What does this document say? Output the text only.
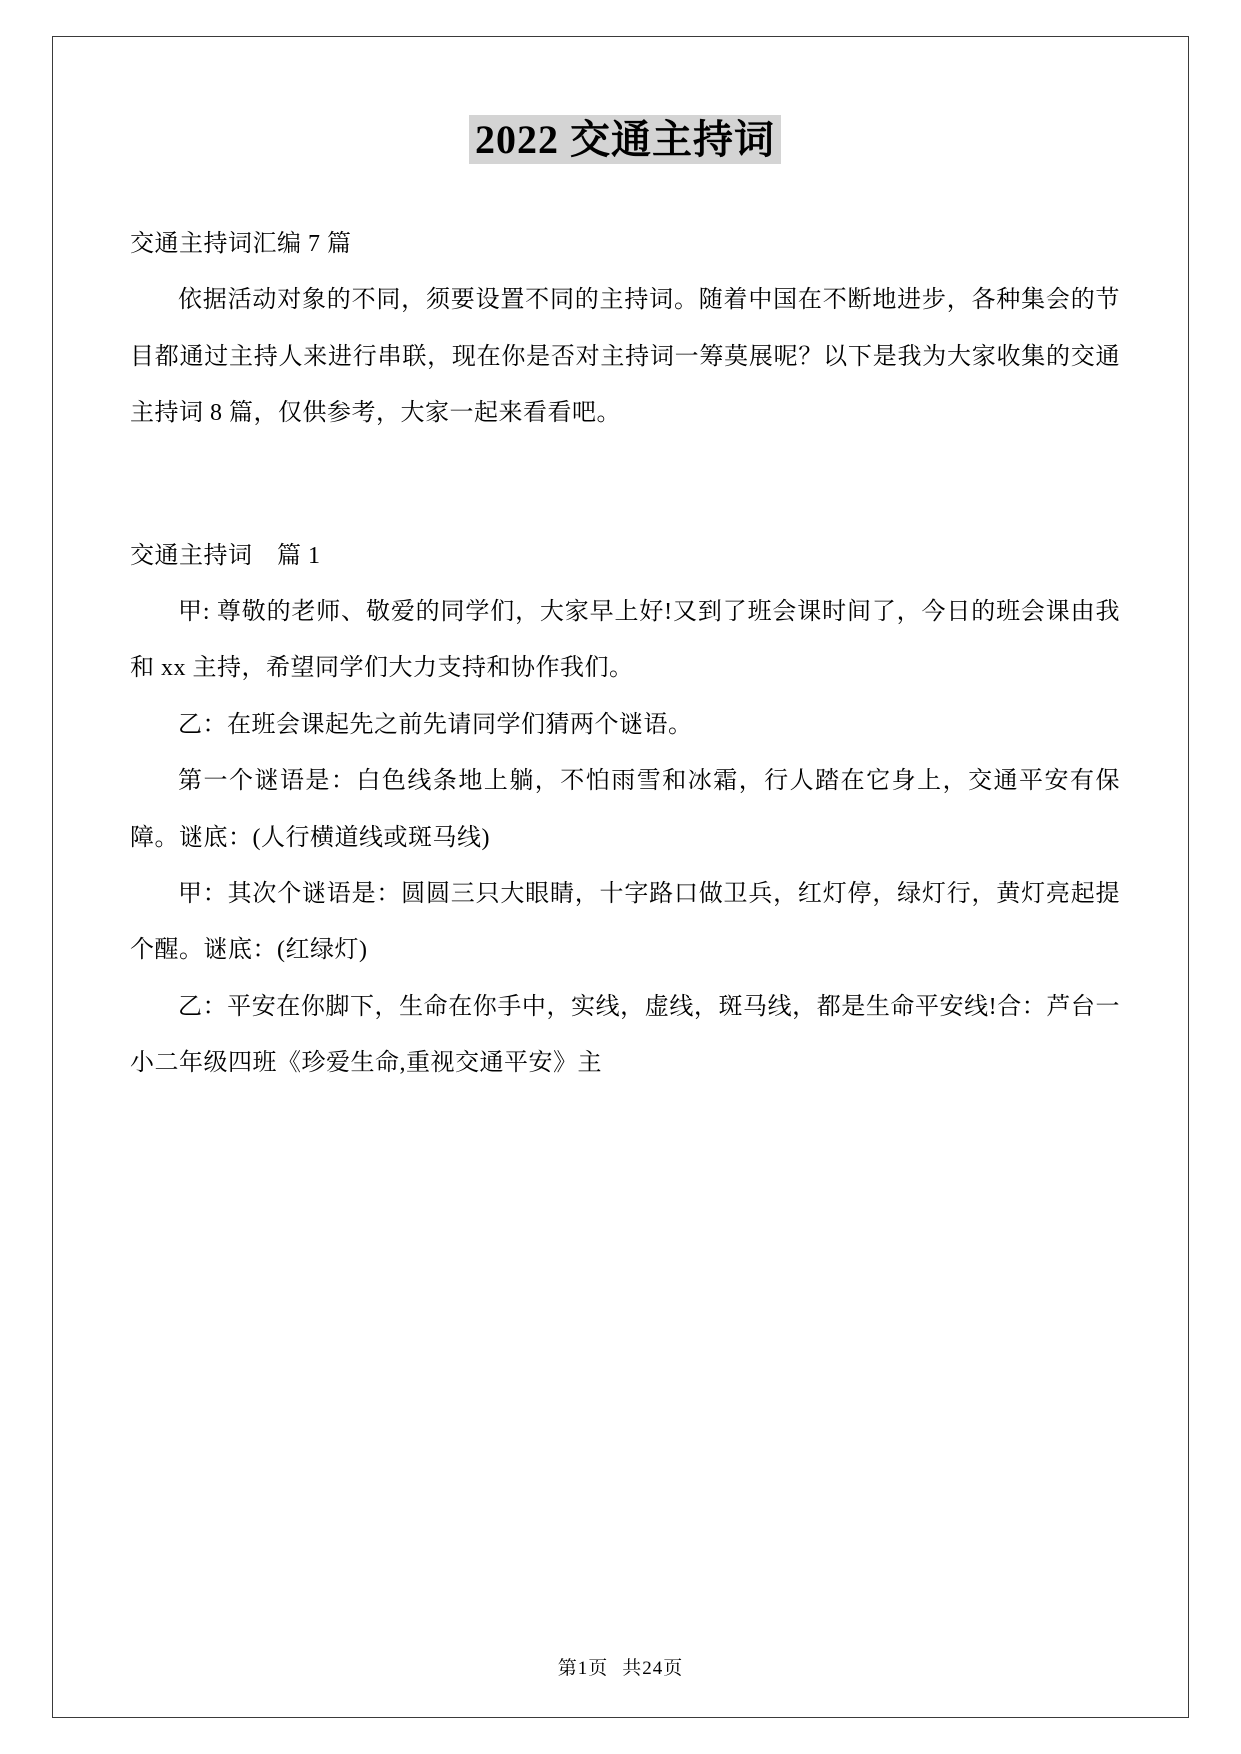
2022 交通主持词

交通主持词汇编 7 篇

依据活动对象的不同，须要设置不同的主持词。随着中国在不断地进步，各种集会的节目都通过主持人来进行串联，现在你是否对主持词一筹莫展呢？以下是我为大家收集的交通主持词 8 篇，仅供参考，大家一起来看看吧。

交通主持词　篇 1

甲: 尊敬的老师、敬爱的同学们，大家早上好!又到了班会课时间了，今日的班会课由我和 xx 主持，希望同学们大力支持和协作我们。

乙：在班会课起先之前先请同学们猜两个谜语。

第一个谜语是：白色线条地上躺，不怕雨雪和冰霜，行人踏在它身上，交通平安有保障。谜底：(人行横道线或斑马线)

甲：其次个谜语是：圆圆三只大眼睛，十字路口做卫兵，红灯停，绿灯行，黄灯亮起提个醒。谜底：(红绿灯)

乙：平安在你脚下，生命在你手中，实线，虚线，斑马线，都是生命平安线!合：芦台一小二年级四班《珍爱生命,重视交通平安》主

第1页 共24页
